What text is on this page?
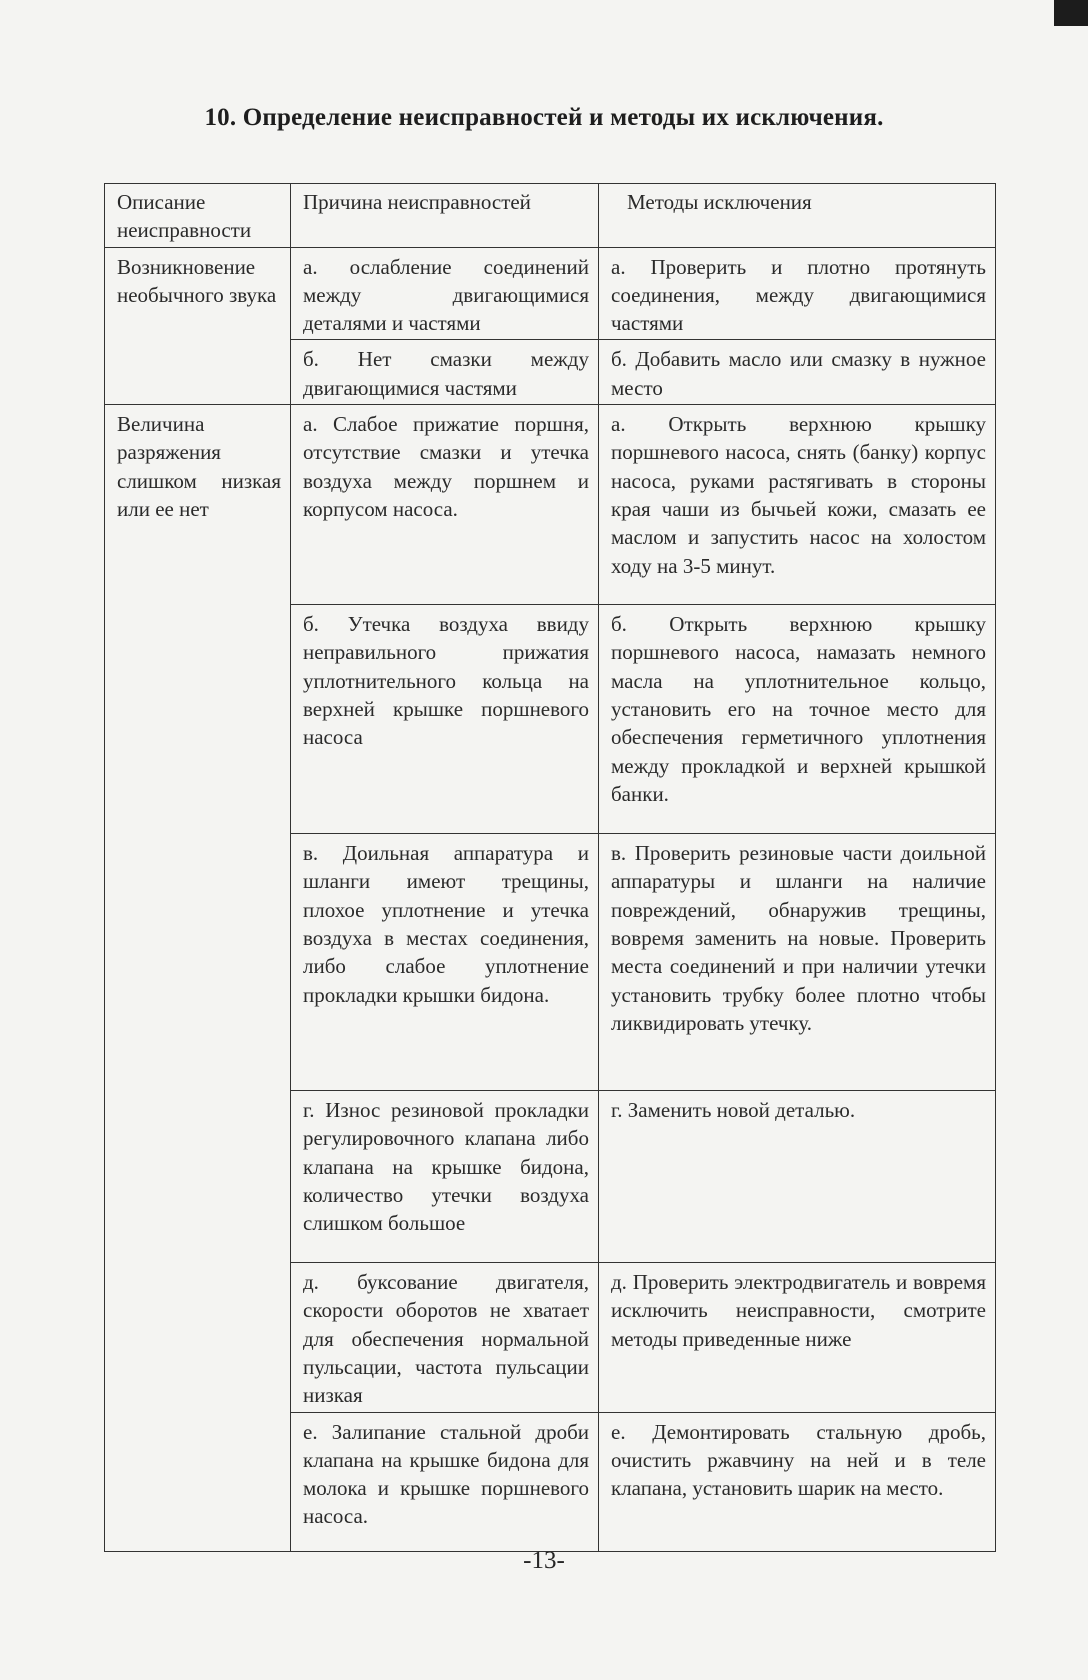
10. Определение неисправностей и методы их исключения.
Описание неисправности	Причина неисправностей	Методы исключения
Возникновение необычного звука	а. ослабление соединений между двигающимися деталями и частями	а. Проверить и плотно протянуть соединения, между двигающимися частями
	б. Нет смазки между двигающимися частями	б. Добавить масло или смазку в нужное место
Величина разряжения слишком низкая или ее нет	а. Слабое прижатие поршня, отсутствие смазки и утечка воздуха между поршнем и корпусом насоса.	а. Открыть верхнюю крышку поршневого насоса, снять (банку) корпус насоса, руками растягивать в стороны края чаши из бычьей кожи, смазать ее маслом и запустить насос на холостом ходу на 3-5 минут.
	б. Утечка воздуха ввиду неправильного прижатия уплотнительного кольца на верхней крышке поршневого насоса	б. Открыть верхнюю крышку поршневого насоса, намазать немного масла на уплотнительное кольцо, установить его на точное место для обеспечения герметичного уплотнения между прокладкой и верхней крышкой банки.
	в. Доильная аппаратура и шланги имеют трещины, плохое уплотнение и утечка воздуха в местах соединения, либо слабое уплотнение прокладки крышки бидона.	в. Проверить резиновые части доильной аппаратуры и шланги на наличие повреждений, обнаружив трещины, вовремя заменить на новые. Проверить места соединений и при наличии утечки установить трубку более плотно чтобы ликвидировать утечку.
	г. Износ резиновой прокладки регулировочного клапана либо клапана на крышке бидона, количество утечки воздуха слишком большое	г. Заменить новой деталью.
	д. буксование двигателя, скорости оборотов не хватает для обеспечения нормальной пульсации, частота пульсации низкая	д. Проверить электродвигатель и вовремя исключить неисправности, смотрите методы приведенные ниже
	е. Залипание стальной дроби клапана на крышке бидона для молока и крышке поршневого насоса.	е. Демонтировать стальную дробь, очистить ржавчину на ней и в теле клапана, установить шарик на место.
-13-
